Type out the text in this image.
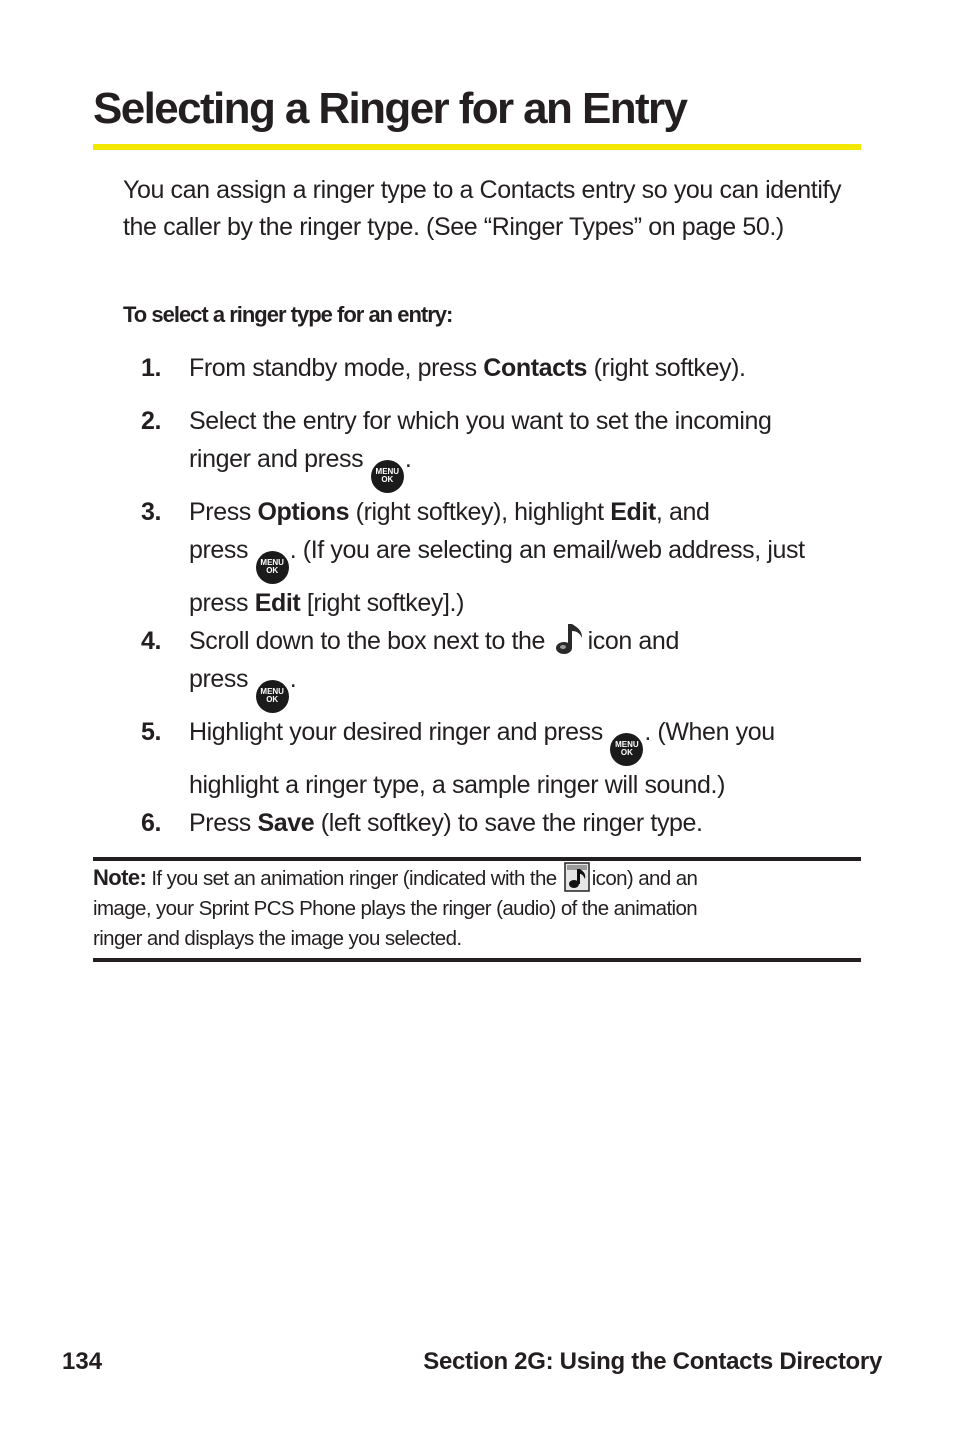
Selecting a Ringer for an Entry

You can assign a ringer type to a Contacts entry so you can identify the caller by the ringer type. (See “Ringer Types” on page 50.)

To select a ringer type for an entry:

1. From standby mode, press Contacts (right softkey).
2. Select the entry for which you want to set the incoming
ringer and press MENU
OK
.
3. Press Options (right softkey), highlight Edit, and
press MENU
OK
. (If you are selecting an email/web address, just
press Edit [right softkey].)
4. Scroll down to the box next to the icon and
press MENU
OK
.
5. Highlight your desired ringer and press MENU
OK
. (When you
highlight a ringer type, a sample ringer will sound.)
6. Press Save (left softkey) to save the ringer type.
Note: If you set an animation ringer (indicated with the icon) and an
image, your Sprint PCS Phone plays the ringer (audio) of the animation
ringer and displays the image you selected.
134	Section 2G: Using the Contacts Directory
